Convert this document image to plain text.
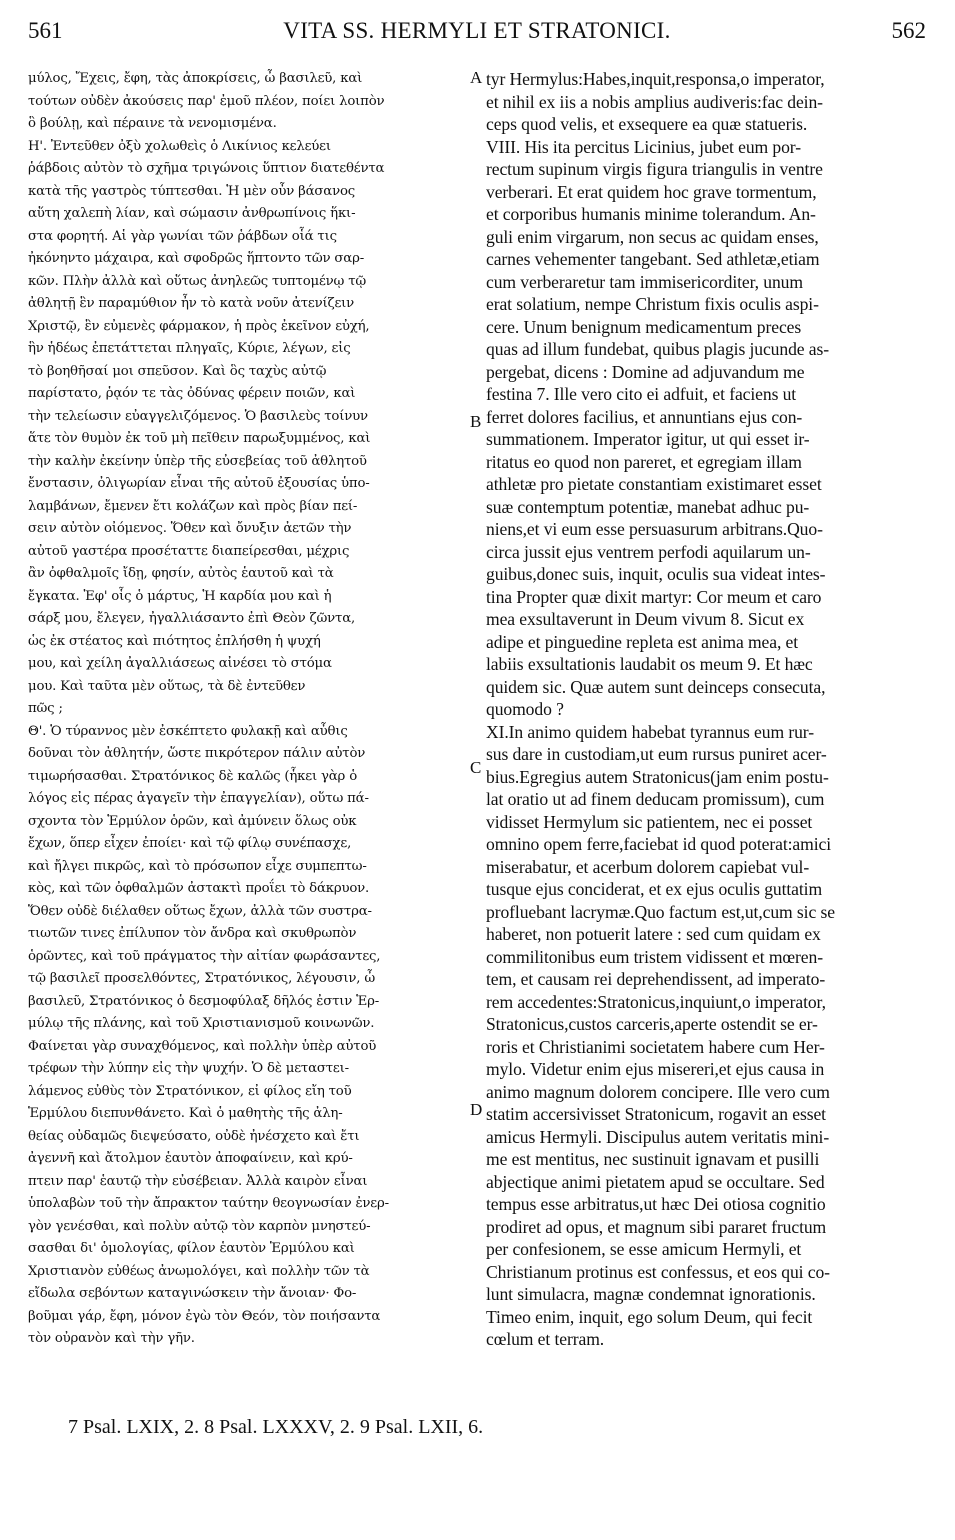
561	VITA SS. HERMYLI ET STRATONICI.	562
μύλος, Ἔχεις, ἔφη, τὰς ἀποκρίσεις, ὦ βασιλεῦ, καὶ
τούτων οὐδὲν ἀκούσεις παρ' ἐμοῦ πλέον, ποίει λοιπὸν
ὃ βούλῃ, καὶ πέραινε τὰ νενομισμένα.
Η'. Ἐντεῦθεν ὀξὺ χολωθεὶς ὁ Λικίνιος κελεύει
ῥάβδοις αὐτὸν τὸ σχῆμα τριγώνοις ὕπτιον διατεθέντα
κατὰ τῆς γαστρὸς τύπτεσθαι. Ἡ μὲν οὖν βάσανος
αὕτη χαλεπὴ λίαν, καὶ σώμασιν ἀνθρωπίνοις ἥκι-
στα φορητή. Αἱ γὰρ γωνίαι τῶν ῥάβδων οἷά τις
ἠκόνηντο μάχαιρα, καὶ σφοδρῶς ἥπτοντο τῶν σαρ-
κῶν. Πλὴν ἀλλὰ καὶ οὕτως ἀνηλεῶς τυπτομένῳ τῷ
ἀθλητῇ ἓν παραμύθιον ἦν τὸ κατὰ νοῦν ἀτενίζειν
Χριστῷ, ἓν εὐμενὲς φάρμακον, ἡ πρὸς ἐκεῖνον εὐχή,
ἣν ἡδέως ἐπετάττεται πληγαῖς, Κύριε, λέγων, εἰς
τὸ βοηθῆσαί μοι σπεῦσον. Καὶ ὃς ταχὺς αὐτῷ
παρίστατο, ῥᾳόν τε τὰς ὀδύνας φέρειν ποιῶν, καὶ
τὴν τελείωσιν εὐαγγελιζόμενος. Ὁ βασιλεὺς τοίνυν
ἅτε τὸν θυμὸν ἐκ τοῦ μὴ πεῖθειν παρωξυμμένος, καὶ
τὴν καλὴν ἐκείνην ὑπὲρ τῆς εὐσεβείας τοῦ ἀθλητοῦ
ἔνστασιν, ὀλιγωρίαν εἶναι τῆς αὐτοῦ ἐξουσίας ὑπο-
λαμβάνων, ἔμενεν ἔτι κολάζων καὶ πρὸς βίαν πεί-
σειν αὐτὸν οἰόμενος. Ὅθεν καὶ ὄνυξιν ἀετῶν τὴν
αὐτοῦ γαστέρα προσέταττε διαπείρεσθαι, μέχρις
ἂν ὀφθαλμοῖς ἴδῃ, φησίν, αὐτὸς ἑαυτοῦ καὶ τὰ
ἔγκατα. Ἐφ' οἷς ὁ μάρτυς, Ἡ καρδία μου καὶ ἡ
σάρξ μου, ἔλεγεν, ἠγαλλιάσαντο ἐπὶ Θεὸν ζῶντα,
ὡς ἐκ στέατος καὶ πιότητος ἐπλήσθη ἡ ψυχή
μου, καὶ χείλη ἀγαλλιάσεως αἰνέσει τὸ στόμα
μου. Καὶ ταῦτα μὲν οὕτως, τὰ δὲ ἐντεῦθεν
πῶς ;
Θ'. Ὁ τύραννος μὲν ἐσκέπτετο φυλακῇ καὶ αὖθις
δοῦναι τὸν ἀθλητήν, ὥστε πικρότερον πάλιν αὐτὸν
τιμωρήσασθαι. Στρατόνικος δὲ καλῶς (ἧκει γὰρ ὁ
λόγος εἰς πέρας ἀγαγεῖν τὴν ἐπαγγελίαν), οὕτω πά-
σχοντα τὸν Ἑρμύλον ὁρῶν, καὶ ἀμύνειν ὅλως οὐκ
ἔχων, ὅπερ εἶχεν ἐποίει· καὶ τῷ φίλῳ συνέπασχε,
καὶ ἤλγει πικρῶς, καὶ τὸ πρόσωπον εἶχε συμπεπτω-
κὸς, καὶ τῶν ὀφθαλμῶν ἀστακτὶ προΐει τὸ δάκρυον.
Ὅθεν οὐδὲ διέλαθεν οὕτως ἔχων, ἀλλὰ τῶν συστρα-
τιωτῶν τινες ἐπίλυπον τὸν ἄνδρα καὶ σκυθρωπὸν
ὁρῶντες, καὶ τοῦ πράγματος τὴν αἰτίαν φωράσαντες,
τῷ βασιλεῖ προσελθόντες, Στρατόνικος, λέγουσιν, ὦ
βασιλεῦ, Στρατόνικος ὁ δεσμοφύλαξ δῆλός ἐστιν Ἑρ-
μύλῳ τῆς πλάνης, καὶ τοῦ Χριστιανισμοῦ κοινωνῶν.
Φαίνεται γὰρ συναχθόμενος, καὶ πολλὴν ὑπὲρ αὐτοῦ
τρέφων τὴν λύπην εἰς τὴν ψυχήν. Ὁ δὲ μεταστει-
λάμενος εὐθὺς τὸν Στρατόνικον, εἰ φίλος εἴη τοῦ
Ἑρμύλου διεπυνθάνετο. Καὶ ὁ μαθητὴς τῆς ἀλη-
θείας οὐδαμῶς διεψεύσατο, οὐδὲ ἠνέσχετο καὶ ἔτι
ἀγεννῆ καὶ ἄτολμον ἑαυτὸν ἀποφαίνειν, καὶ κρύ-
πτειν παρ' ἑαυτῷ τὴν εὐσέβειαν. Ἀλλὰ καιρὸν εἶναι
ὑπολαβὼν τοῦ τὴν ἄπρακτον ταύτην θεογνωσίαν ἐνερ-
γὸν γενέσθαι, καὶ πολὺν αὐτῷ τὸν καρπὸν μνηστεύ-
σασθαι δι' ὁμολογίας, φίλον ἑαυτὸν Ἑρμύλου καὶ
Χριστιανὸν εὐθέως ἀνωμολόγει, καὶ πολλὴν τῶν τὰ
εἴδωλα σεβόντων καταγινώσκειν τὴν ἄνοιαν· Φο-
βοῦμαι γάρ, ἔφη, μόνον ἐγὼ τὸν Θεόν, τὸν ποιήσαντα
τὸν οὐρανὸν καὶ τὴν γῆν.
tyr Hermylus:Habes,inquit,responsa,o imperator,
et nihil ex iis a nobis amplius audiveris:fac dein-
ceps quod velis, et exsequere ea quæ statueris.
VIII. His ita percitus Licinius, jubet eum por-
rectum supinum virgis figura triangulis in ventre
verberari. Et erat quidem hoc grave tormentum,
et corporibus humanis minime tolerandum. An-
guli enim virgarum, non secus ac quidam enses,
carnes vehementer tangebant. Sed athletæ,etiam
cum verberaretur tam immisericorditer, unum
erat solatium, nempe Christum fixis oculis aspi-
cere. Unum benignum medicamentum preces
quas ad illum fundebat, quibus plagis jucunde as-
pergebat, dicens : Domine ad adjuvandum me
festina 7. Ille vero cito ei adfuit, et faciens ut
ferret dolores facilius, et annuntians ejus con-
summationem. Imperator igitur, ut qui esset ir-
ritatus eo quod non pareret, et egregiam illam
athletæ pro pietate constantiam existimaret esset
suæ contemptum potentiæ, manebat adhuc pu-
niens,et vi eum esse persuasurum arbitrans.Quo-
circa jussit ejus ventrem perfodi aquilarum un-
guibus,donec suis, inquit, oculis sua videat intes-
tina Propter quæ dixit martyr: Cor meum et caro
mea exsultaverunt in Deum vivum 8. Sicut ex
adipe et pinguedine repleta est anima mea, et
labiis exsultationis laudabit os meum 9. Et hæc
quidem sic. Quæ autem sunt deinceps consecuta,
quomodo ?
XI.In animo quidem habebat tyrannus eum rur-
sus dare in custodiam,ut eum rursus puniret acer-
bius.Egregius autem Stratonicus(jam enim postu-
lat oratio ut ad finem deducam promissum), cum
vidisset Hermylum sic patientem, nec ei posset
omnino opem ferre,faciebat id quod poterat:amici
miserabatur, et acerbum dolorem capiebat vul-
tusque ejus conciderat, et ex ejus oculis guttatim
profluebant lacrymæ.Quo factum est,ut,cum sic se
haberet, non potuerit latere : sed cum quidam ex
commilitonibus eum tristem vidissent et mœren-
tem, et causam rei deprehendissent, ad imperato-
rem accedentes:Stratonicus,inquiunt,o imperator,
Stratonicus,custos carceris,aperte ostendit se er-
roris et Christianimi societatem habere cum Her-
mylo. Videtur enim ejus misereri,et ejus causa in
animo magnum dolorem concipere. Ille vero cum
statim accersivisset Stratonicum, rogavit an esset
amicus Hermyli. Discipulus autem veritatis mini-
me est mentitus, nec sustinuit ignavam et pusilli
abjectique animi pietatem apud se occultare. Sed
tempus esse arbitratus,ut hæc Dei otiosa cognitio
prodiret ad opus, et magnum sibi pararet fructum
per confesionem, se esse amicum Hermyli, et
Christianum protinus est confessus, et eos qui co-
lunt simulacra, magnæ condemnat ignorationis.
Timeo enim, inquit, ego solum Deum, qui fecit
cœlum et terram.
A
B
C
D
7 Psal. LXIX, 2. 8 Psal. LXXXV, 2. 9 Psal. LXII, 6.
